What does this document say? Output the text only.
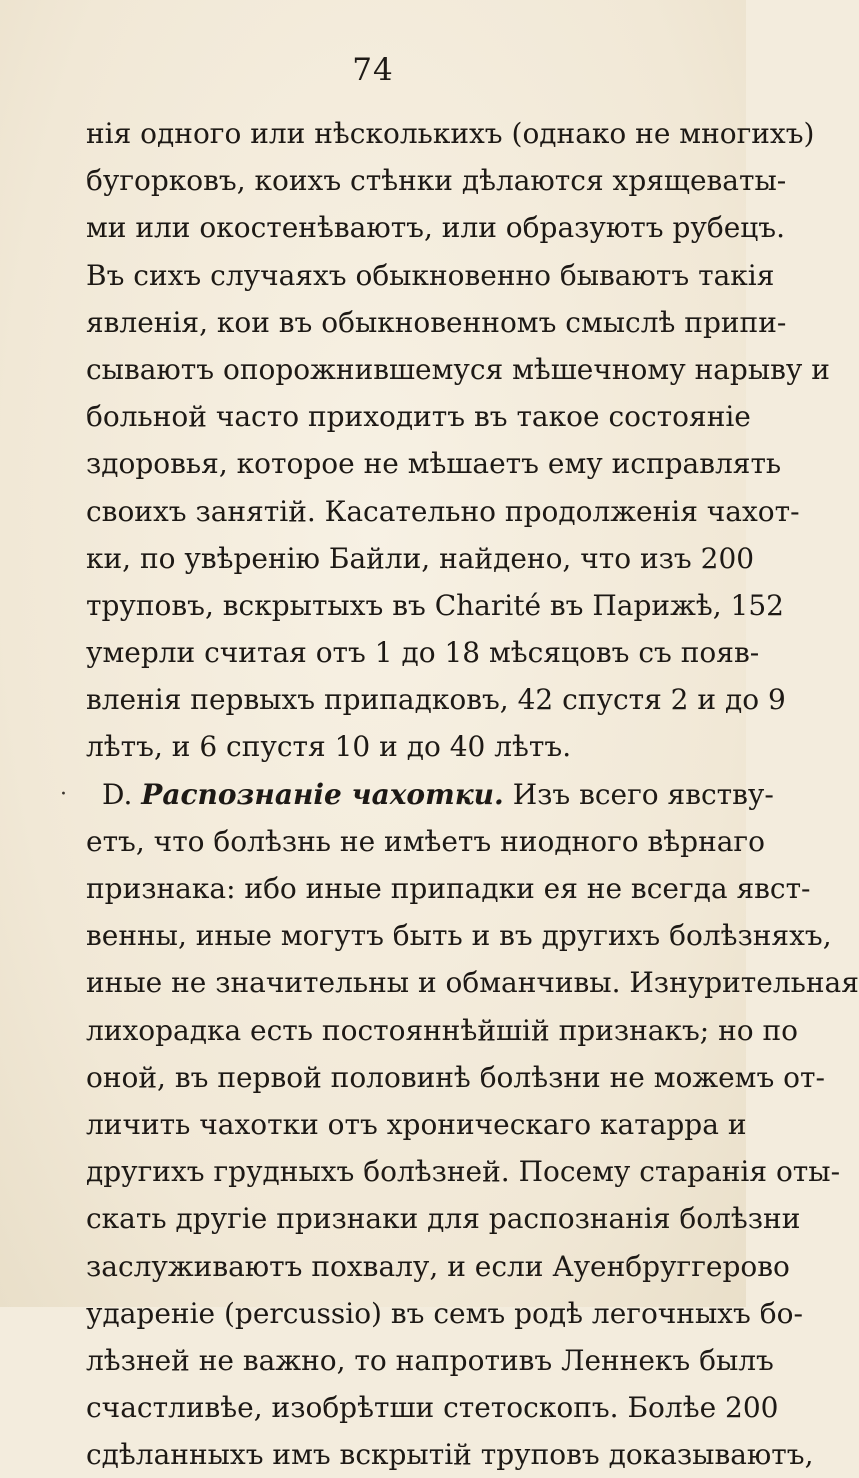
74
нія одного или нѣсколькихъ (однако не многихъ)
бугорковъ, коихъ стѣнки дѣлаются хрящеваты-
ми или окостенѣваютъ, или образуютъ рубецъ.
Въ сихъ случаяхъ обыкновенно бываютъ такія
явленія, кои въ обыкновенномъ смыслѣ припи-
сываютъ опорожнившемуся мѣшечному нарыву и
больной часто приходитъ въ такое состояніе
здоровья, которое не мѣшаетъ ему исправлять
своихъ занятій. Касательно продолженія чахот-
ки, по увѣренію Байли, найдено, что изъ 200
труповъ, вскрытыхъ въ Charité въ Парижѣ, 152
умерли считая отъ 1 до 18 мѣсяцовъ съ появ-
вленія первыхъ припадковъ, 42 спустя 2 и до 9
лѣтъ, и 6 спустя 10 и до 40 лѣтъ.
D. Распознаніе чахотки. Изъ всего явству-
етъ, что болѣзнь не имѣетъ ниодного вѣрнаго
признака: ибо иные припадки ея не всегда явст-
венны, иные могутъ быть и въ другихъ болѣзняхъ,
иные не значительны и обманчивы. Изнурительная
лихорадка есть постояннѣйшій признакъ; но по
оной, въ первой половинѣ болѣзни не можемъ от-
личить чахотки отъ хроническаго катарра и
другихъ грудныхъ болѣзней. Посему старанія оты-
скать другіе признаки для распознанія болѣзни
заслуживаютъ похвалу, и если Ауенбруггерово
удареніе (percussio) въ семъ родѣ легочныхъ бо-
лѣзней не важно, то напротивъ Леннекъ былъ
счастливѣе, изобрѣтши стетоскопъ. Болѣе 200
сдѣланныхъ имъ вскрытій труповъ доказываютъ,
·
